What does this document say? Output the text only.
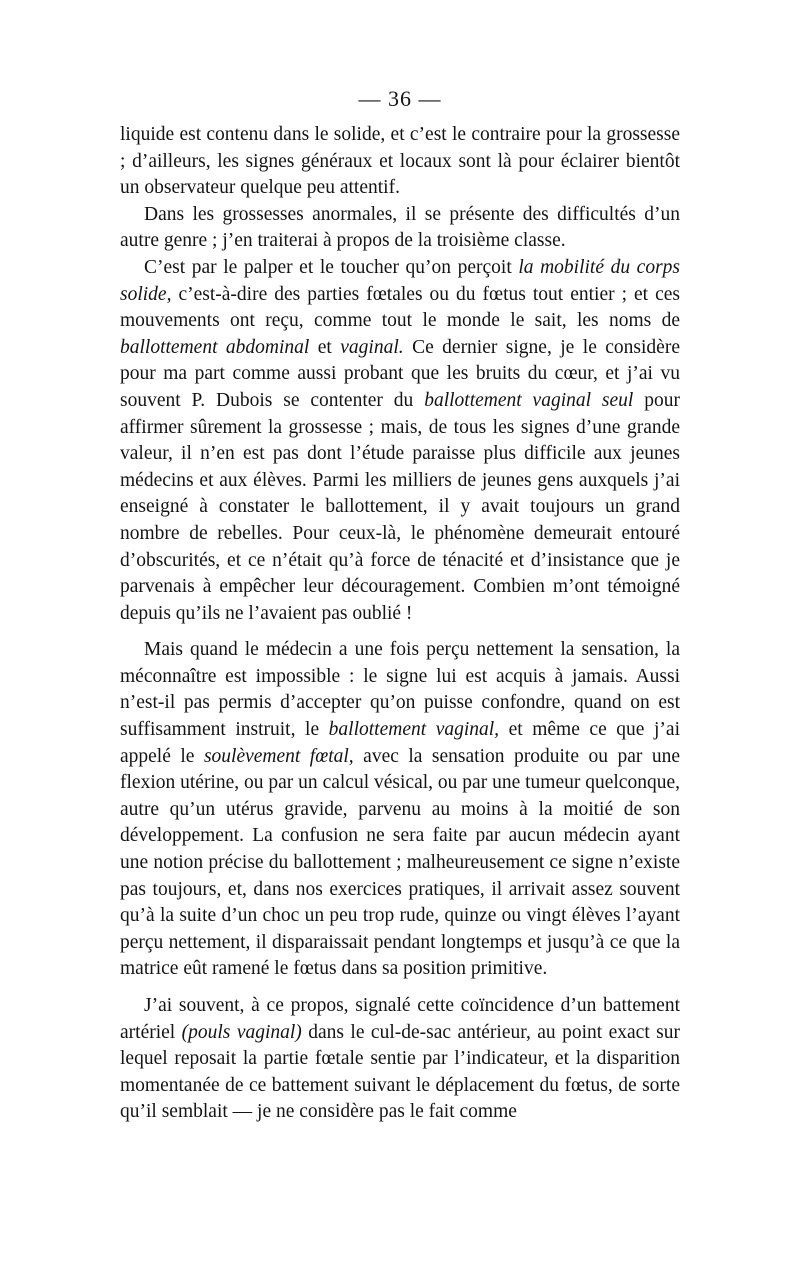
— 36 —

liquide est contenu dans le solide, et c’est le contraire pour la grossesse ; d’ailleurs, les signes généraux et locaux sont là pour éclairer bientôt un observateur quelque peu attentif.

Dans les grossesses anormales, il se présente des difficultés d’un autre genre ; j’en traiterai à propos de la troisième classe.

C’est par le palper et le toucher qu’on perçoit la mobilité du corps solide, c’est-à-dire des parties fœtales ou du fœtus tout entier ; et ces mouvements ont reçu, comme tout le monde le sait, les noms de ballottement abdominal et vaginal. Ce dernier signe, je le considère pour ma part comme aussi probant que les bruits du cœur, et j’ai vu souvent P. Dubois se contenter du ballottement vaginal seul pour affirmer sûrement la grossesse ; mais, de tous les signes d’une grande valeur, il n’en est pas dont l’étude paraisse plus difficile aux jeunes médecins et aux élèves. Parmi les milliers de jeunes gens auxquels j’ai enseigné à constater le ballottement, il y avait toujours un grand nombre de rebelles. Pour ceux-là, le phénomène demeurait entouré d’obscurités, et ce n’était qu’à force de ténacité et d’insistance que je parvenais à empêcher leur découragement. Combien m’ont témoigné depuis qu’ils ne l’avaient pas oublié !

Mais quand le médecin a une fois perçu nettement la sensation, la méconnaître est impossible : le signe lui est acquis à jamais. Aussi n’est-il pas permis d’accepter qu’on puisse confondre, quand on est suffisamment instruit, le ballottement vaginal, et même ce que j’ai appelé le soulèvement fœtal, avec la sensation produite ou par une flexion utérine, ou par un calcul vésical, ou par une tumeur quelconque, autre qu’un utérus gravide, parvenu au moins à la moitié de son développement. La confusion ne sera faite par aucun médecin ayant une notion précise du ballottement ; malheureusement ce signe n’existe pas toujours, et, dans nos exercices pratiques, il arrivait assez souvent qu’à la suite d’un choc un peu trop rude, quinze ou vingt élèves l’ayant perçu nettement, il disparaissait pendant longtemps et jusqu’à ce que la matrice eût ramené le fœtus dans sa position primitive.

J’ai souvent, à ce propos, signalé cette coïncidence d’un battement artériel (pouls vaginal) dans le cul-de-sac antérieur, au point exact sur lequel reposait la partie fœtale sentie par l’indicateur, et la disparition momentanée de ce battement suivant le déplacement du fœtus, de sorte qu’il semblait — je ne considère pas le fait comme
